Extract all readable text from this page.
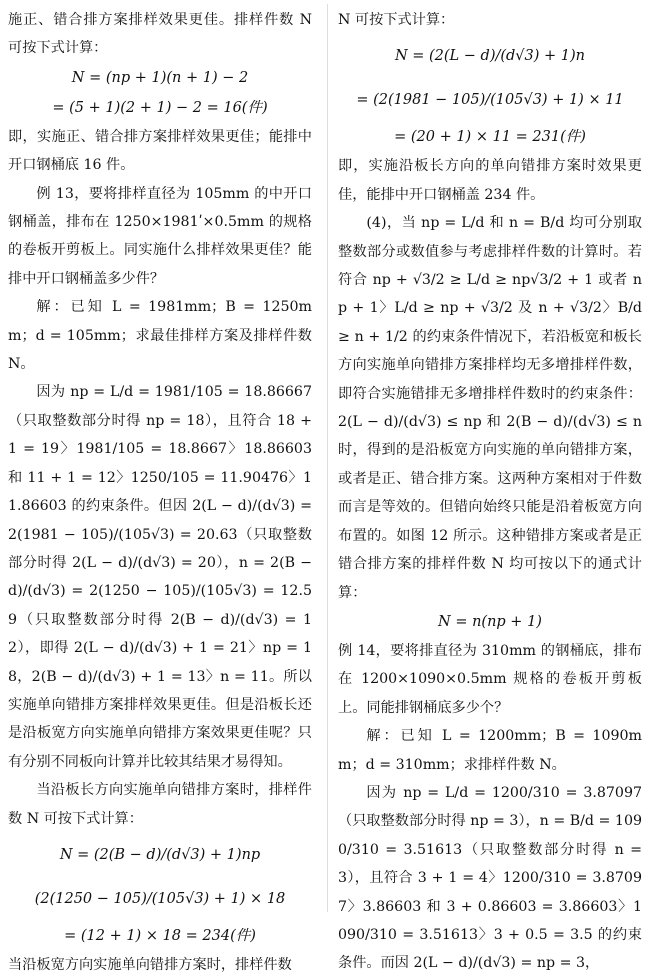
施正、错合排方案排样效果更佳。排样件数 N 可按下式计算：

N = (np + 1)(n + 1) − 2

= (5 + 1)(2 + 1) − 2 = 16(件)

即，实施正、错合排方案排样效果更佳；能排中开口钢桶底 16 件。

例 13，要将排样直径为 105mm 的中开口钢桶盖，排布在 1250×1981ʹ×0.5mm 的规格的卷板开剪板上。同实施什么排样效果更佳？能排中开口钢桶盖多少件？

解：已知 L = 1981mm；B = 1250mm；d = 105mm；求最佳排样方案及排样件数 N。

因为 np = L/d = 1981/105 = 18.86667（只取整数部分时得 np = 18），且符合 18 + 1 = 19〉1981/105 = 18.8667〉18.86603 和 11 + 1 = 12〉1250/105 = 11.90476〉11.86603 的约束条件。但因 2(L − d)/(d√3) = 2(1981 − 105)/(105√3) = 20.63（只取整数部分时得 2(L − d)/(d√3) = 20），n = 2(B − d)/(d√3) = 2(1250 − 105)/(105√3) = 12.59（只取整数部分时得 2(B − d)/(d√3) = 12），即得 2(L − d)/(d√3) + 1 = 21〉np = 18，2(B − d)/(d√3) + 1 = 13〉n = 11。所以实施单向错排方案排样效果更佳。但是沿板长还是沿板宽方向实施单向错排方案效果更佳呢？只有分别不同板向计算并比较其结果才易得知。

当沿板长方向实施单向错排方案时，排样件数 N 可按下式计算：

N = (2(B − d)/(d√3) + 1)np

(2(1250 − 105)/(105√3) + 1) × 18

= (12 + 1) × 18 = 234(件)

当沿板宽方向实施单向错排方案时，排样件数

N 可按下式计算：

N = (2(L − d)/(d√3) + 1)n

= (2(1981 − 105)/(105√3) + 1) × 11

= (20 + 1) × 11 = 231(件)

即，实施沿板长方向的单向错排方案时效果更佳，能排中开口钢桶盖 234 件。

(4)，当 np = L/d 和 n = B/d 均可分别取整数部分或数值参与考虑排样件数的计算时。若符合 np + √3/2 ≥ L/d ≥ np√3/2 + 1 或者 np + 1〉L/d ≥ np + √3/2 及 n + √3/2〉B/d ≥ n + 1/2 的约束条件情况下，若沿板宽和板长方向实施单向错排方案排样均无多增排样件数，即符合实施错排无多增排样件数时的约束条件：2(L − d)/(d√3) ≤ np 和 2(B − d)/(d√3) ≤ n 时，得到的是沿板宽方向实施的单向错排方案，或者是正、错合排方案。这两种方案相对于件数而言是等效的。但错向始终只能是沿着板宽方向布置的。如图 12 所示。这种错排方案或者是正错合排方案的排样件数 N 均可按以下的通式计算：

N = n(np + 1)

例 14，要将排直径为 310mm 的钢桶底，排布在 1200×1090×0.5mm 规格的卷板开剪板上。同能排钢桶底多少个？

解：已知 L = 1200mm；B = 1090mm；d = 310mm；求排样件数 N。

因为 np = L/d = 1200/310 = 3.87097（只取整数部分时得 np = 3），n = B/d = 1090/310 = 3.51613（只取整数部分时得 n = 3），且符合 3 + 1 = 4〉1200/310 = 3.87097〉3.86603 和 3 + 0.86603 = 3.86603〉1090/310 = 3.51613〉3 + 0.5 = 3.5 的约束条件。而因 2(L − d)/(d√3) = np = 3，
